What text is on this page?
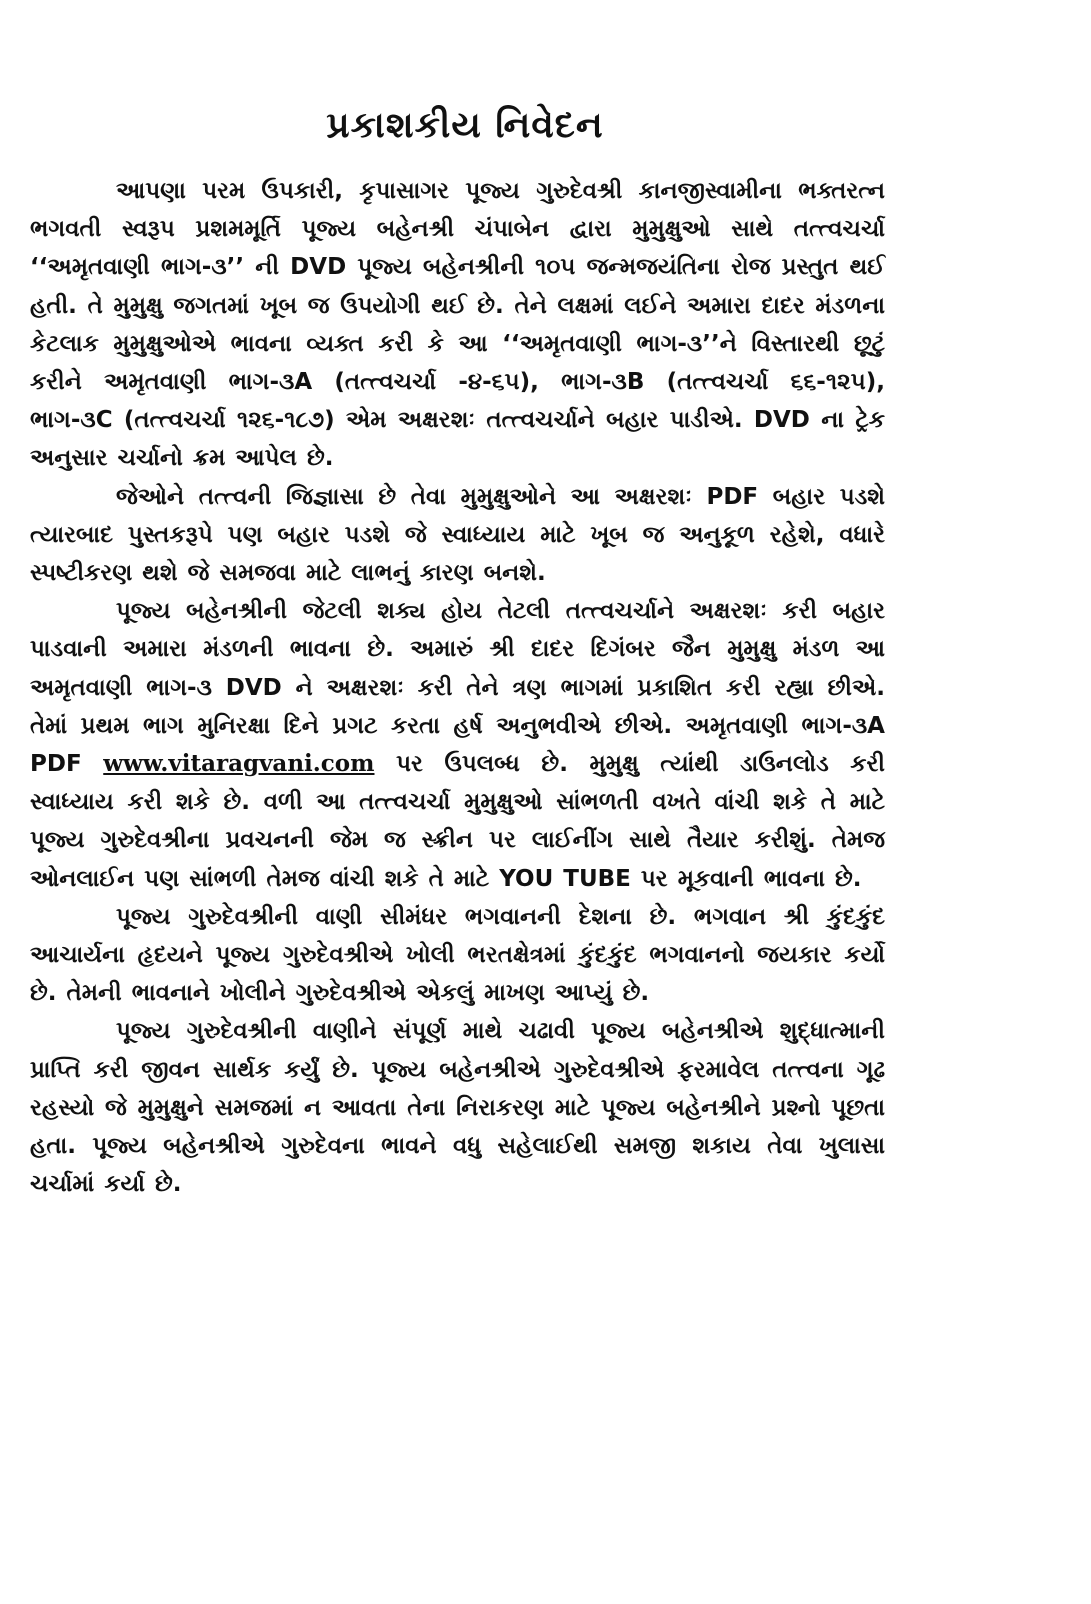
પ્રકાશકીય નિવેદન

આપણા પરમ ઉપકારી, કૃપાસાગર પૂજ્ય ગુરુદેવશ્રી કાનજીસ્વામીના ભક્તરત્ન ભગવતી સ્વરૂપ પ્રશમમૂર્તિ પૂજ્ય બહેનશ્રી ચંપાબેન દ્વારા મુમુક્ષુઓ સાથે તત્ત્વચર્ચા ‘‘અમૃતવાણી ભાગ-૩’’ ની DVD પૂજ્ય બહેનશ્રીની ૧૦૫ જન્મજયંતિના રોજ પ્રસ્તુત થઈ હતી. તે મુમુક્ષુ જગતમાં ખૂબ જ ઉપયોગી થઈ છે. તેને લક્ષમાં લઈને અમારા દાદર મંડળના કેટલાક મુમુક્ષુઓએ ભાવના વ્યક્ત કરી કે આ ‘‘અમૃતવાણી ભાગ-૩’’ને વિસ્તારથી છૂટું કરીને અમૃતવાણી ભાગ-૩A (તત્ત્વચર્ચા -૪-૬૫), ભાગ-૩B (તત્ત્વચર્ચા ૬૬-૧૨૫), ભાગ-૩C (તત્ત્વચર્ચા ૧૨૬-૧૮૭) એમ અક્ષરશઃ તત્ત્વચર્ચાને બહાર પાડીએ. DVD ના ટ્રેક અનુસાર ચર્ચાનો ક્રમ આપેલ છે.

જેઓને તત્ત્વની જિજ્ઞાસા છે તેવા મુમુક્ષુઓને આ અક્ષરશઃ PDF બહાર પડશે ત્યારબાદ પુસ્તકરૂપે પણ બહાર પડશે જે સ્વાધ્યાય માટે ખૂબ જ અનુકૂળ રહેશે, વધારે સ્પષ્ટીકરણ થશે જે સમજવા માટે લાભનું કારણ બનશે.

પૂજ્ય બહેનશ્રીની જેટલી શક્ય હોય તેટલી તત્ત્વચર્ચાને અક્ષરશઃ કરી બહાર પાડવાની અમારા મંડળની ભાવના છે. અમારું શ્રી દાદર દિગંબર જૈન મુમુક્ષુ મંડળ આ અમૃતવાણી ભાગ-૩ DVD ને અક્ષરશઃ કરી તેને ત્રણ ભાગમાં પ્રકાશિત કરી રહ્યા છીએ. તેમાં પ્રથમ ભાગ મુનિરક્ષા દિને પ્રગટ કરતા હર્ષ અનુભવીએ છીએ. અમૃતવાણી ભાગ-૩A PDF www.vitaragvani.com પર ઉપલબ્ધ છે. મુમુક્ષુ ત્યાંથી ડાઉનલોડ કરી સ્વાધ્યાય કરી શકે છે. વળી આ તત્ત્વચર્ચા મુમુક્ષુઓ સાંભળતી વખતે વાંચી શકે તે માટે પૂજ્ય ગુરુદેવશ્રીના પ્રવચનની જેમ જ સ્ક્રીન પર લાઈનીંગ સાથે તૈયાર કરીશું. તેમજ ઓનલાઈન પણ સાંભળી તેમજ વાંચી શકે તે માટે YOU TUBE પર મૂકવાની ભાવના છે.

પૂજ્ય ગુરુદેવશ્રીની વાણી સીમંધર ભગવાનની દેશના છે. ભગવાન શ્રી કુંદકુંદ આચાર્યના હૃદયને પૂજ્ય ગુરુદેવશ્રીએ ખોલી ભરતક્ષેત્રમાં કુંદકુંદ ભગવાનનો જયકાર કર્યો છે. તેમની ભાવનાને ખોલીને ગુરુદેવશ્રીએ એકલું માખણ આપ્યું છે.

પૂજ્ય ગુરુદેવશ્રીની વાણીને સંપૂર્ણ માથે ચઢાવી પૂજ્ય બહેનશ્રીએ શુદ્ધાત્માની પ્રાપ્તિ કરી જીવન સાર્થક કર્યું છે. પૂજ્ય બહેનશ્રીએ ગુરુદેવશ્રીએ ફરમાવેલ તત્ત્વના ગૂઢ રહસ્યો જે મુમુક્ષુને સમજમાં ન આવતા તેના નિરાકરણ માટે પૂજ્ય બહેનશ્રીને પ્રશ્નો પૂછતા હતા. પૂજ્ય બહેનશ્રીએ ગુરુદેવના ભાવને વધુ સહેલાઈથી સમજી શકાય તેવા ખુલાસા ચર્ચામાં કર્યા છે.
